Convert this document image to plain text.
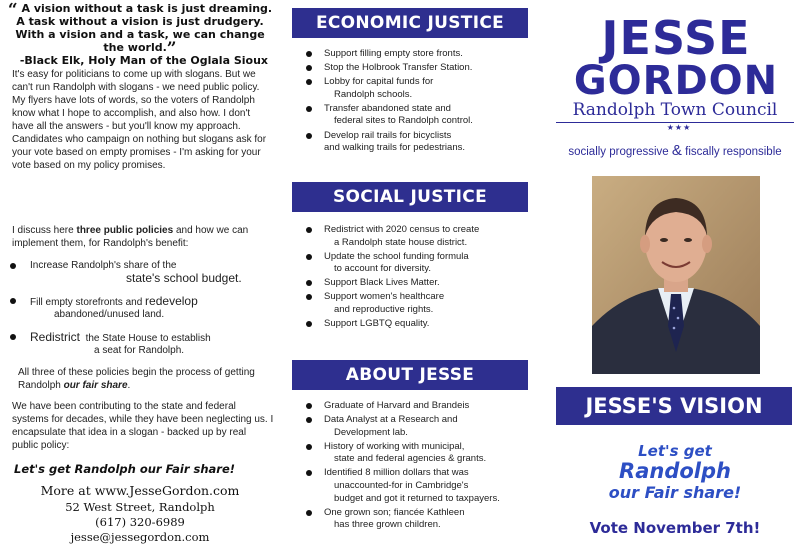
“ A vision without a task is just dreaming.
A task without a vision is just drudgery.
With a vision and a task, we can change the world.”
-Black Elk, Holy Man of the Oglala Sioux

It's easy for politicians to come up with slogans. But we can't run Randolph with slogans - we need public policy. My flyers have lots of words, so the voters of Randolph know what I hope to accomplish, and also how. I don't have all the answers - but you'll know my approach. Candidates who campaign on nothing but slogans ask for your vote based on empty promises - I'm asking for your vote based on my policy promises.

I discuss here three public policies and how we can implement them, for Randolph's benefit:

Increase Randolph's share of the
state's school budget.
Fill empty storefronts and redevelop
abandoned/unused land.
Redistrict the State House to establish
a seat for Randolph.

All three of these policies begin the process of getting Randolph our fair share.

We have been contributing to the state and federal systems for decades, while they have been neglecting us. I encapsulate that idea in a slogan - backed up by real public policy:

Let's get Randolph our Fair share!
More at www.JesseGordon.com
52 West Street, Randolph
(617) 320-6989
jesse@jessegordon.com
ECONOMIC JUSTICE
Support filling empty store fronts.
Stop the Holbrook Transfer Station.
Lobby for capital funds for
Randolph schools.
Transfer abandoned state and
federal sites to Randolph control.
Develop rail trails for bicyclists
and walking trails for pedestrians.
SOCIAL JUSTICE
Redistrict with 2020 census to create
a Randolph state house district.
Update the school funding formula
to account for diversity.
Support Black Lives Matter.
Support women's healthcare
and reproductive rights.
Support LGBTQ equality.
ABOUT JESSE
Graduate of Harvard and Brandeis
Data Analyst at a Research and
Development lab.
History of working with municipal,
state and federal agencies & grants.
Identified 8 million dollars that was
unaccounted-for in Cambridge's
budget and got it returned to taxpayers.
One grown son; fiancée Kathleen
has three grown children.
JESSE
GORDON
Randolph Town Council
★★★
socially progressive & fiscally responsible
JESSE'S VISION
Let's get
Randolph
our Fair share!
Vote November 7th!
